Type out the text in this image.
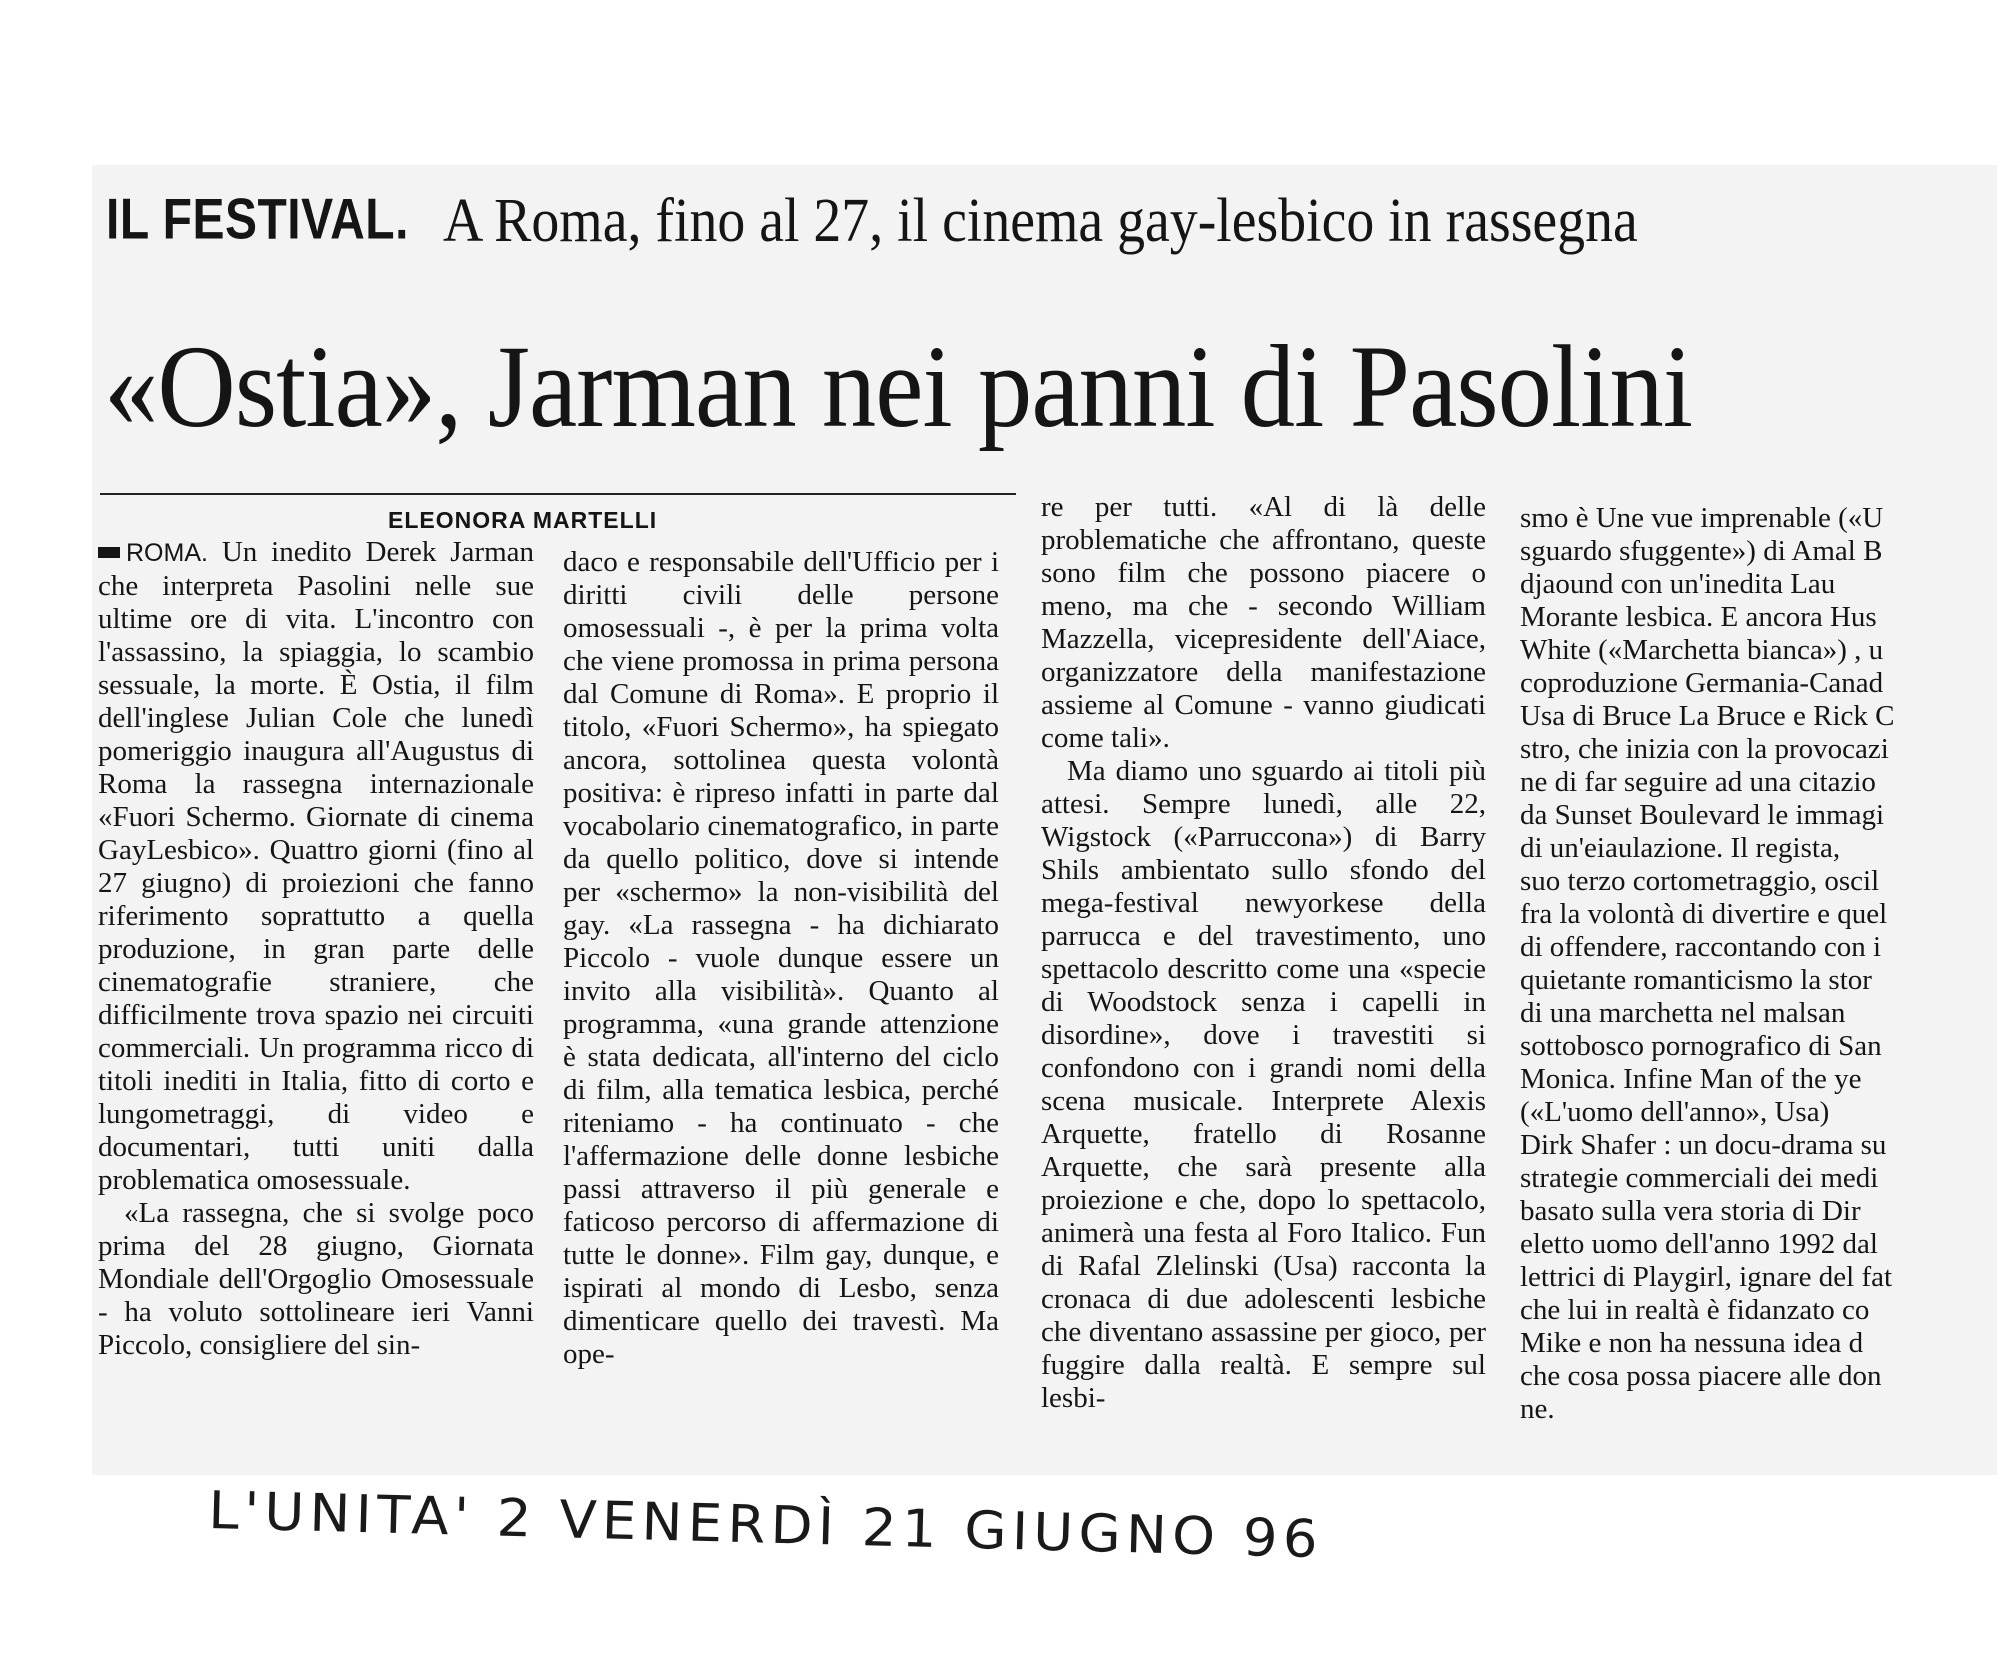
IL FESTIVAL. A Roma, fino al 27, il cinema gay-lesbico in rassegna
«Ostia», Jarman nei panni di Pasolini
ELEONORA MARTELLI

ROMA. Un inedito Derek Jarman che interpreta Pasolini nelle sue ultime ore di vita. L'incontro con l'assassino, la spiaggia, lo scambio sessuale, la morte. È Ostia, il film dell'inglese Julian Cole che lunedì pomeriggio inaugura all'Augustus di Roma la rassegna internazionale «Fuori Schermo. Giornate di cinema GayLesbico». Quattro giorni (fino al 27 giugno) di proiezioni che fanno riferimento soprattutto a quella produzione, in gran parte delle cinematografie straniere, che difficilmente trova spazio nei circuiti commerciali. Un programma ricco di titoli inediti in Italia, fitto di corto e lungometraggi, di video e documentari, tutti uniti dalla problematica omosessuale.

«La rassegna, che si svolge poco prima del 28 giugno, Giornata Mondiale dell'Orgoglio Omosessuale - ha voluto sottolineare ieri Vanni Piccolo, consigliere del sin-

daco e responsabile dell'Ufficio per i diritti civili delle persone omosessuali -, è per la prima volta che viene promossa in prima persona dal Comune di Roma». E proprio il titolo, «Fuori Schermo», ha spiegato ancora, sottolinea questa volontà positiva: è ripreso infatti in parte dal vocabolario cinematografico, in parte da quello politico, dove si intende per «schermo» la non-visibilità del gay. «La rassegna - ha dichiarato Piccolo - vuole dunque essere un invito alla visibilità». Quanto al programma, «una grande attenzione è stata dedicata, all'interno del ciclo di film, alla tematica lesbica, perché riteniamo - ha continuato - che l'affermazione delle donne lesbiche passi attraverso il più generale e faticoso percorso di affermazione di tutte le donne». Film gay, dunque, e ispirati al mondo di Lesbo, senza dimenticare quello dei travestì. Ma ope-

re per tutti. «Al di là delle problematiche che affrontano, queste sono film che possono piacere o meno, ma che - secondo William Mazzella, vicepresidente dell'Aiace, organizzatore della manifestazione assieme al Comune - vanno giudicati come tali».

Ma diamo uno sguardo ai titoli più attesi. Sempre lunedì, alle 22, Wigstock («Parruccona») di Barry Shils ambientato sullo sfondo del mega-festival newyorkese della parrucca e del travestimento, uno spettacolo descritto come una «specie di Woodstock senza i capelli in disordine», dove i travestiti si confondono con i grandi nomi della scena musicale. Interprete Alexis Arquette, fratello di Rosanne Arquette, che sarà presente alla proiezione e che, dopo lo spettacolo, animerà una festa al Foro Italico. Fun di Rafal Zlelinski (Usa) racconta la cronaca di due adolescenti lesbiche che diventano assassine per gioco, per fuggire dalla realtà. E sempre sul lesbi-

smo è Une vue imprenable («U
sguardo sfuggente») di Amal B
djaound con un'inedita Lau
Morante lesbica. E ancora Hus
White («Marchetta bianca») , u
coproduzione Germania-Canad
Usa di Bruce La Bruce e Rick C
stro, che inizia con la provocazi
ne di far seguire ad una citazio
da Sunset Boulevard le immagi
di un'eiaulazione. Il regista,
suo terzo cortometraggio, oscil
fra la volontà di divertire e quel
di offendere, raccontando con i
quietante romanticismo la stor
di una marchetta nel malsan
sottobosco pornografico di San
Monica. Infine Man of the ye
(«L'uomo dell'anno», Usa)
Dirk Shafer : un docu-drama su
strategie commerciali dei medi
basato sulla vera storia di Dir
eletto uomo dell'anno 1992 dal
lettrici di Playgirl, ignare del fat
che lui in realtà è fidanzato co
Mike e non ha nessuna idea d
che cosa possa piacere alle don
ne.
L'UNITA' 2 VENERDÌ 21 GIUGNO 96
